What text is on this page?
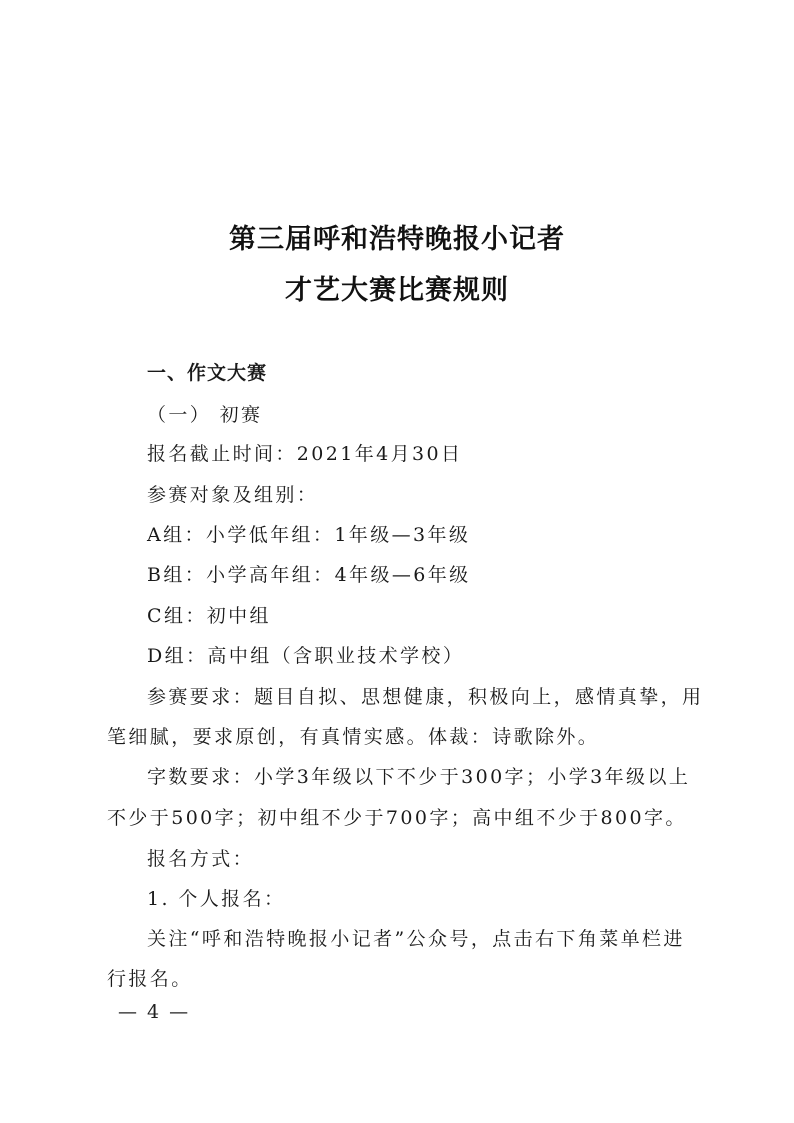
第三届呼和浩特晚报小记者
才艺大赛比赛规则
一、作文大赛
（一） 初赛
报名截止时间：2021年4月30日
参赛对象及组别：
A组：小学低年组：1年级—3年级
B组：小学高年组：4年级—6年级
C组：初中组
D组：高中组（含职业技术学校）
参赛要求：题目自拟、思想健康，积极向上，感情真挚，用
笔细腻，要求原创，有真情实感。体裁：诗歌除外。
字数要求：小学3年级以下不少于300字；小学3年级以上
不少于500字；初中组不少于700字；高中组不少于800字。
报名方式：
1. 个人报名：
关注“呼和浩特晚报小记者”公众号，点击右下角菜单栏进
行报名。
— 4 —
